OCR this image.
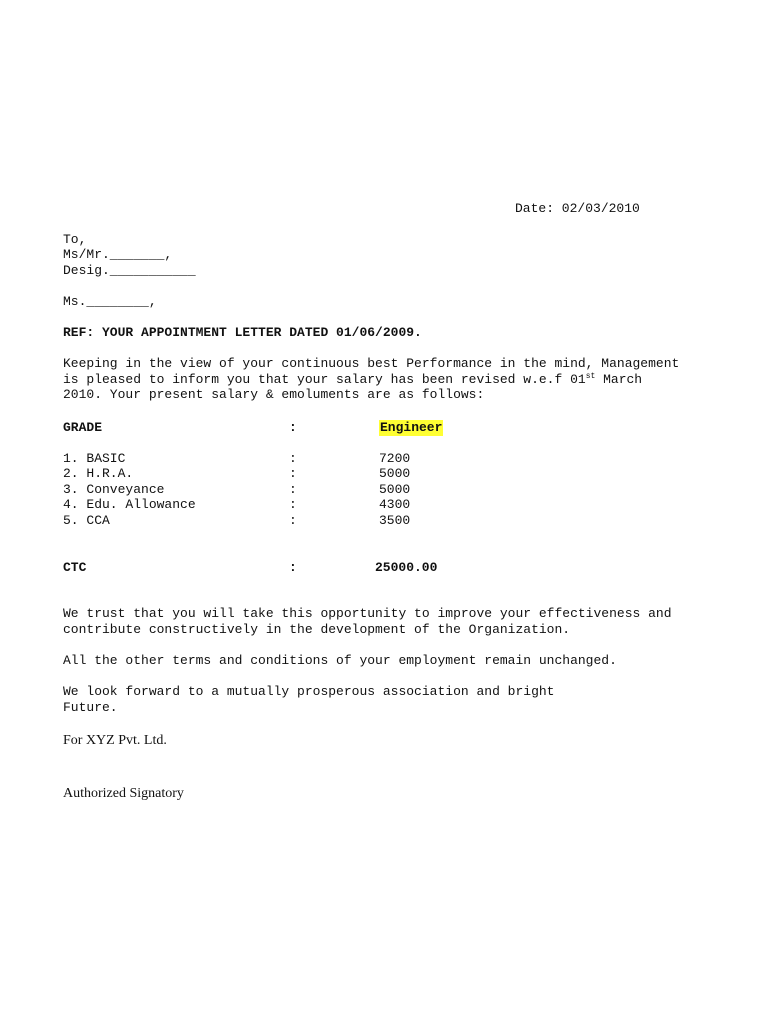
Date: 02/03/2010
To,
Ms/Mr._______,
Desig.___________
Ms.________,
REF: YOUR APPOINTMENT LETTER DATED 01/06/2009.
Keeping in the view of your continuous best Performance in the mind, Management
is pleased to inform you that your salary has been revised w.e.f 01st March
2010. Your present salary & emoluments are as follows:
GRADE	:	Engineer
1. BASIC	:	7200
2. H.R.A.	:	5000
3. Conveyance	:	5000
4. Edu. Allowance	:	4300
5. CCA	:	3500
CTC	:	25000.00
We trust that you will take this opportunity to improve your effectiveness and
contribute constructively in the development of the Organization.
All the other terms and conditions of your employment remain unchanged.
We look forward to a mutually prosperous association and bright
Future.
For XYZ Pvt. Ltd.
Authorized Signatory
